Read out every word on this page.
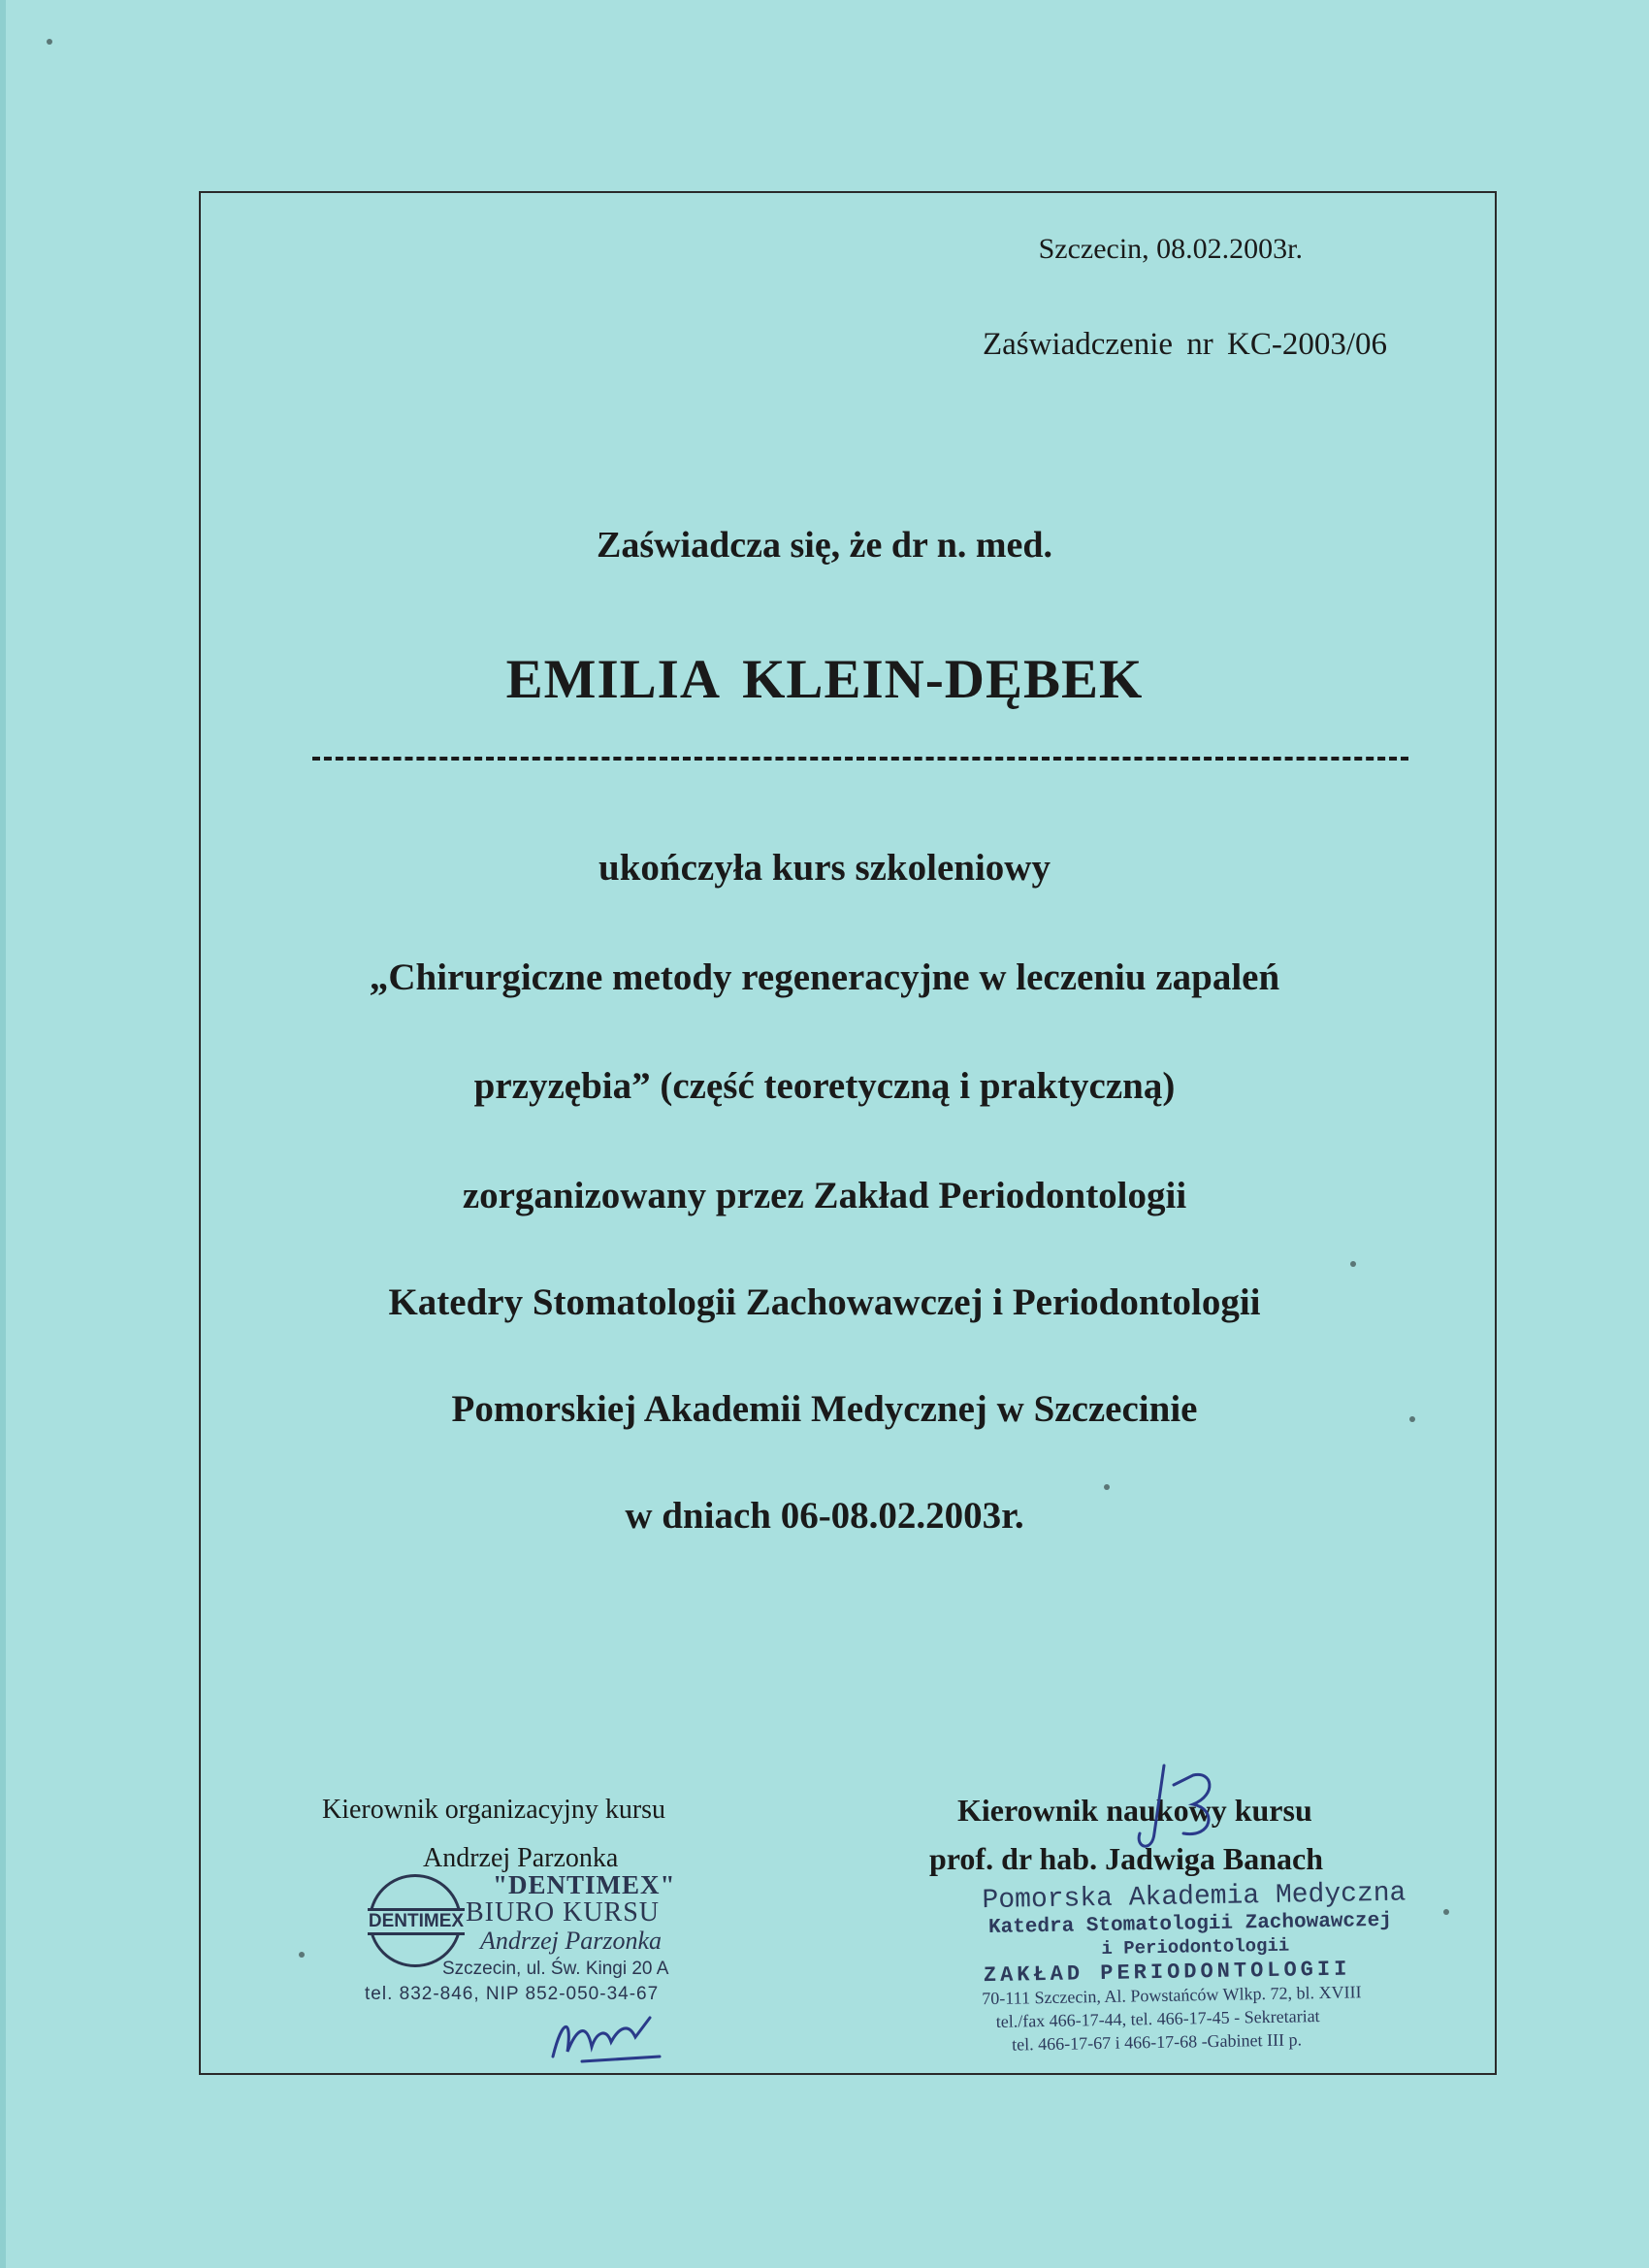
Szczecin, 08.02.2003r.
Zaświadczenie nr KC-2003/06
Zaświadcza się, że dr n. med.
EMILIA KLEIN-DĘBEK
ukończyła kurs szkoleniowy
„Chirurgiczne metody regeneracyjne w leczeniu zapaleń
przyzębia” (część teoretyczną i praktyczną)
zorganizowany przez Zakład Periodontologii
Katedry Stomatologii Zachowawczej i Periodontologii
Pomorskiej Akademii Medycznej w Szczecinie
w dniach 06-08.02.2003r.
Kierownik organizacyjny kursu
Andrzej Parzonka
DENTIMEX
"DENTIMEX"
BIURO KURSU
Andrzej Parzonka
Szczecin, ul. Św. Kingi 20 A
tel. 832-846, NIP 852-050-34-67
Kierownik naukowy kursu
prof. dr hab. Jadwiga Banach
Pomorska Akademia Medyczna
Katedra Stomatologii Zachowawczej
i Periodontologii
ZAKŁAD PERIODONTOLOGII
70-111 Szczecin, Al. Powstańców Wlkp. 72, bl. XVIII
tel./fax 466-17-44, tel. 466-17-45 - Sekretariat
tel. 466-17-67 i 466-17-68 -Gabinet III p.
